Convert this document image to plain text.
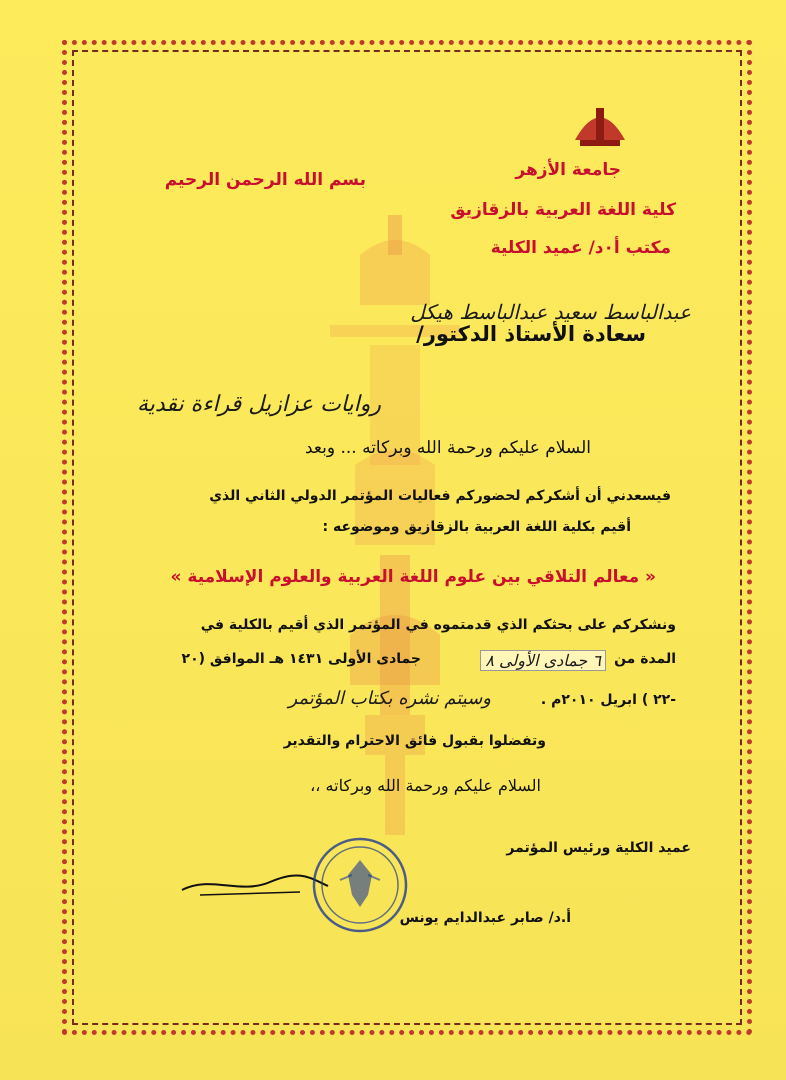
جامعة الأزهر
كلية اللغة العربية بالزقازيق
مكتب أ٠د/ عميد الكلية
بسم الله الرحمن الرحيم
سعادة الأستاذ الدكتور/
عبدالباسط سعيد عبدالباسط هيكل
روايات عزازيل قراءة نقدية
السلام عليكم ورحمة الله وبركاته ... وبعد
فيسعدني أن أشكركم لحضوركم فعاليات المؤتمر الدولي الثاني الذي
أقيم بكلية اللغة العربية بالزقازيق وموضوعه :
« معالم التلاقي بين علوم اللغة العربية والعلوم الإسلامية »
ونشكركم على بحثكم الذي قدمتموه في المؤتمر الذي أقيم بالكلية في
المدة من
٦ جمادى الأولى ٨
جمادى الأولى ١٤٣١ هـ الموافق (٢٠
-٢٢ ) ابريل ٢٠١٠م .
وسيتم نشره بكتاب المؤتمر
وتفضلوا بقبول فائق الاحترام والتقدير
السلام عليكم ورحمة الله وبركاته ،،
عميد الكلية ورئيس المؤتمر
أ.د/ صابر عبدالدايم يونس
